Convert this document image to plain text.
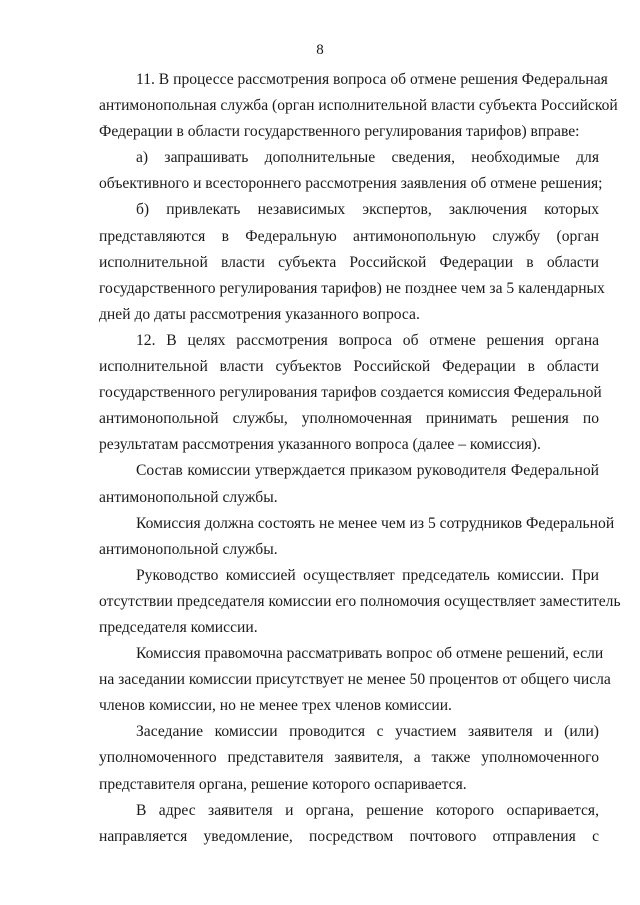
8
11. В процессе рассмотрения вопроса об отмене решения Федеральная
антимонопольная служба (орган исполнительной власти субъекта Российской
Федерации в области государственного регулирования тарифов) вправе:
а) запрашивать дополнительные сведения, необходимые для
объективного и всестороннего рассмотрения заявления об отмене решения;
б) привлекать независимых экспертов, заключения которых
представляются в Федеральную антимонопольную службу (орган
исполнительной власти субъекта Российской Федерации в области
государственного регулирования тарифов) не позднее чем за 5 календарных
дней до даты рассмотрения указанного вопроса.
12. В целях рассмотрения вопроса об отмене решения органа
исполнительной власти субъектов Российской Федерации в области
государственного регулирования тарифов создается комиссия Федеральной
антимонопольной службы, уполномоченная принимать решения по
результатам рассмотрения указанного вопроса (далее – комиссия).
Состав комиссии утверждается приказом руководителя Федеральной
антимонопольной службы.
Комиссия должна состоять не менее чем из 5 сотрудников Федеральной
антимонопольной службы.
Руководство комиссией осуществляет председатель комиссии. При
отсутствии председателя комиссии его полномочия осуществляет заместитель
председателя комиссии.
Комиссия правомочна рассматривать вопрос об отмене решений, если
на заседании комиссии присутствует не менее 50 процентов от общего числа
членов комиссии, но не менее трех членов комиссии.
Заседание комиссии проводится с участием заявителя и (или)
уполномоченного представителя заявителя, а также уполномоченного
представителя органа, решение которого оспаривается.
В адрес заявителя и органа, решение которого оспаривается,
направляется уведомление, посредством почтового отправления с
